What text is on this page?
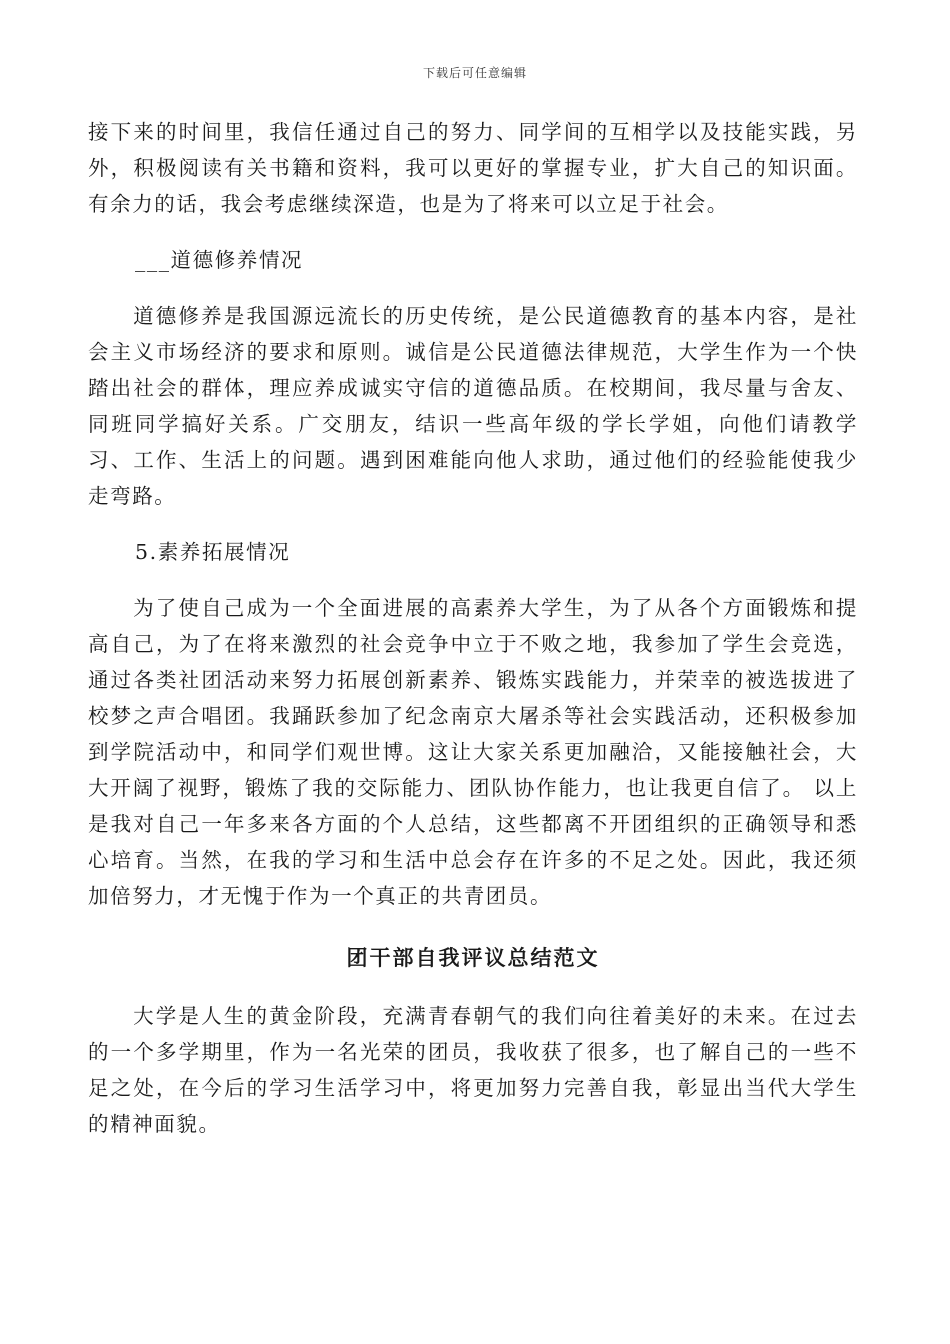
下载后可任意编辑

接下来的时间里，我信任通过自己的努力、同学间的互相学以及技能实践，另外，积极阅读有关书籍和资料，我可以更好的掌握专业，扩大自己的知识面。有余力的话，我会考虑继续深造，也是为了将来可以立足于社会。

___道德修养情况

道德修养是我国源远流长的历史传统，是公民道德教育的基本内容，是社会主义市场经济的要求和原则。诚信是公民道德法律规范，大学生作为一个快踏出社会的群体，理应养成诚实守信的道德品质。在校期间，我尽量与舍友、同班同学搞好关系。广交朋友，结识一些高年级的学长学姐，向他们请教学习、工作、生活上的问题。遇到困难能向他人求助，通过他们的经验能使我少走弯路。

5.素养拓展情况

为了使自己成为一个全面进展的高素养大学生，为了从各个方面锻炼和提高自己，为了在将来激烈的社会竞争中立于不败之地，我参加了学生会竞选，通过各类社团活动来努力拓展创新素养、锻炼实践能力，并荣幸的被选拔进了校梦之声合唱团。我踊跃参加了纪念南京大屠杀等社会实践活动，还积极参加到学院活动中，和同学们观世博。这让大家关系更加融洽，又能接触社会，大大开阔了视野，锻炼了我的交际能力、团队协作能力，也让我更自信了。 以上是我对自己一年多来各方面的个人总结，这些都离不开团组织的正确领导和悉心培育。当然，在我的学习和生活中总会存在许多的不足之处。因此，我还须加倍努力，才无愧于作为一个真正的共青团员。

团干部自我评议总结范文

大学是人生的黄金阶段，充满青春朝气的我们向往着美好的未来。在过去的一个多学期里，作为一名光荣的团员，我收获了很多，也了解自己的一些不足之处，在今后的学习生活学习中，将更加努力完善自我，彰显出当代大学生的精神面貌。
